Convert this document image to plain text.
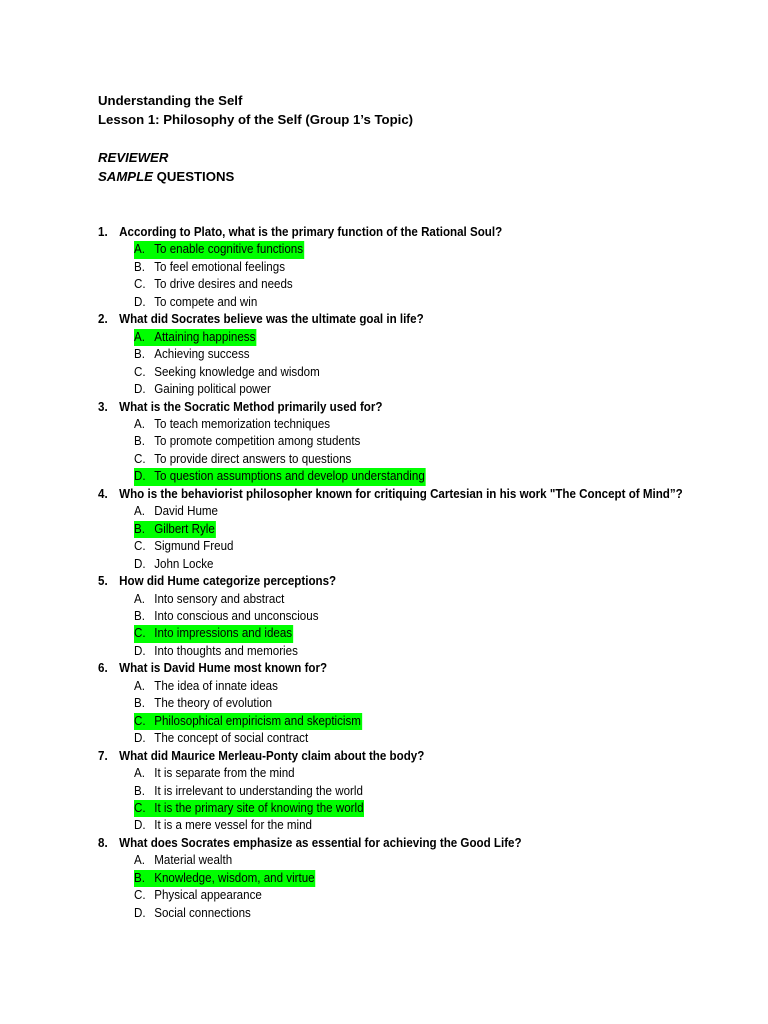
Understanding the Self
Lesson 1: Philosophy of the Self (Group 1’s Topic)
REVIEWER
SAMPLE QUESTIONS
1. According to Plato, what is the primary function of the Rational Soul?
A. To enable cognitive functions
B. To feel emotional feelings
C. To drive desires and needs
D. To compete and win
2. What did Socrates believe was the ultimate goal in life?
A. Attaining happiness
B. Achieving success
C. Seeking knowledge and wisdom
D. Gaining political power
3. What is the Socratic Method primarily used for?
A. To teach memorization techniques
B. To promote competition among students
C. To provide direct answers to questions
D. To question assumptions and develop understanding
4. Who is the behaviorist philosopher known for critiquing Cartesian in his work "The Concept of Mind”?
A. David Hume
B. Gilbert Ryle
C. Sigmund Freud
D. John Locke
5. How did Hume categorize perceptions?
A. Into sensory and abstract
B. Into conscious and unconscious
C. Into impressions and ideas
D. Into thoughts and memories
6. What is David Hume most known for?
A. The idea of innate ideas
B. The theory of evolution
C. Philosophical empiricism and skepticism
D. The concept of social contract
7. What did Maurice Merleau-Ponty claim about the body?
A. It is separate from the mind
B. It is irrelevant to understanding the world
C. It is the primary site of knowing the world
D. It is a mere vessel for the mind
8. What does Socrates emphasize as essential for achieving the Good Life?
A. Material wealth
B. Knowledge, wisdom, and virtue
C. Physical appearance
D. Social connections
